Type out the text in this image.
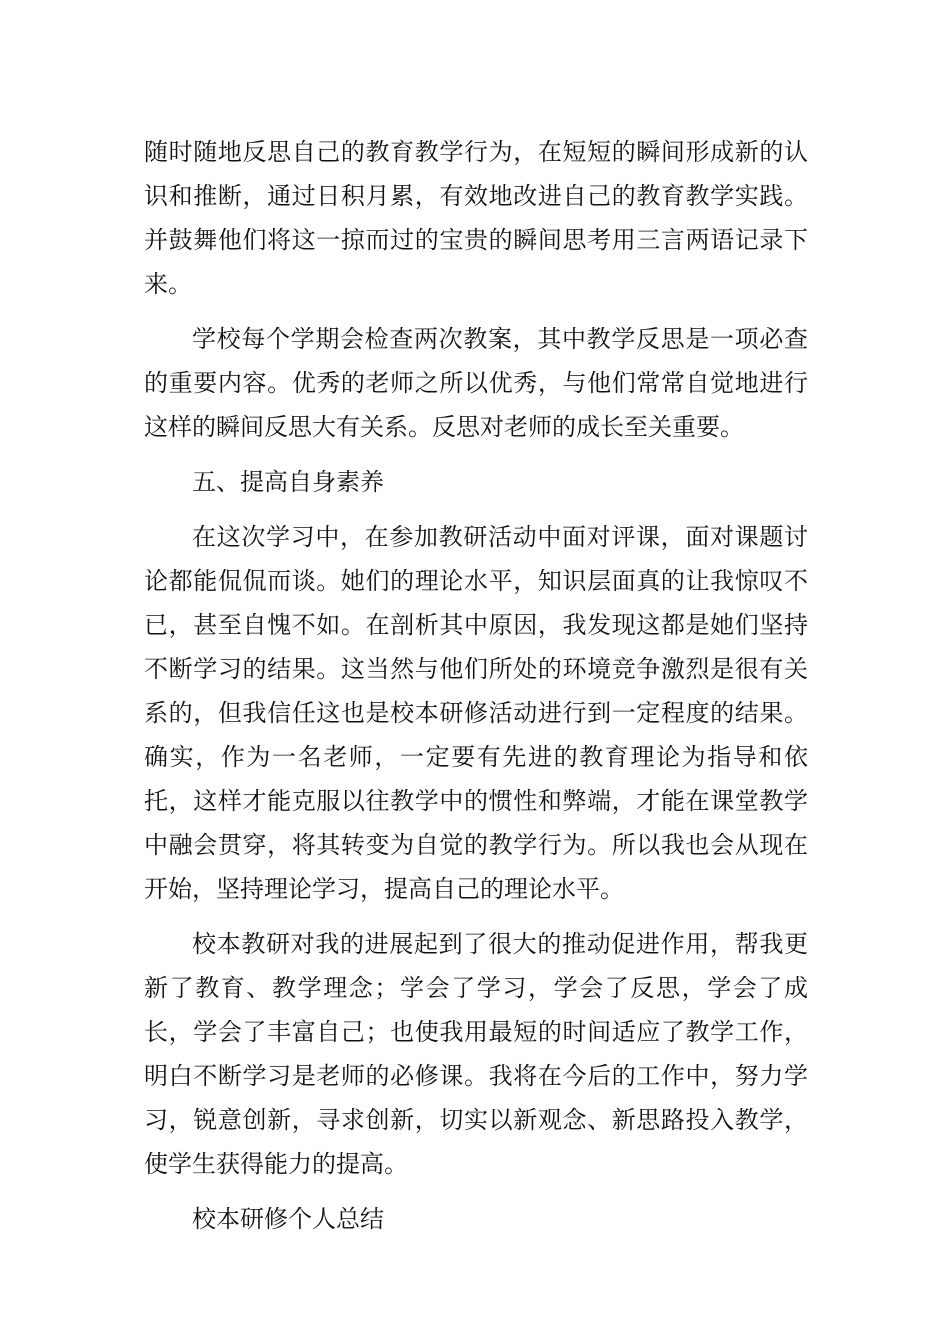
随时随地反思自己的教育教学行为，在短短的瞬间形成新的认识和推断，通过日积月累，有效地改进自己的教育教学实践。并鼓舞他们将这一掠而过的宝贵的瞬间思考用三言两语记录下来。

学校每个学期会检查两次教案，其中教学反思是一项必查的重要内容。优秀的老师之所以优秀，与他们常常自觉地进行这样的瞬间反思大有关系。反思对老师的成长至关重要。

五、提高自身素养

在这次学习中，在参加教研活动中面对评课，面对课题讨论都能侃侃而谈。她们的理论水平，知识层面真的让我惊叹不已，甚至自愧不如。在剖析其中原因，我发现这都是她们坚持不断学习的结果。这当然与他们所处的环境竞争激烈是很有关系的，但我信任这也是校本研修活动进行到一定程度的结果。确实，作为一名老师，一定要有先进的教育理论为指导和依托，这样才能克服以往教学中的惯性和弊端，才能在课堂教学中融会贯穿，将其转变为自觉的教学行为。所以我也会从现在开始，坚持理论学习，提高自己的理论水平。

校本教研对我的进展起到了很大的推动促进作用，帮我更新了教育、教学理念；学会了学习，学会了反思，学会了成长，学会了丰富自己；也使我用最短的时间适应了教学工作，明白不断学习是老师的必修课。我将在今后的工作中，努力学习，锐意创新，寻求创新，切实以新观念、新思路投入教学，使学生获得能力的提高。

校本研修个人总结
